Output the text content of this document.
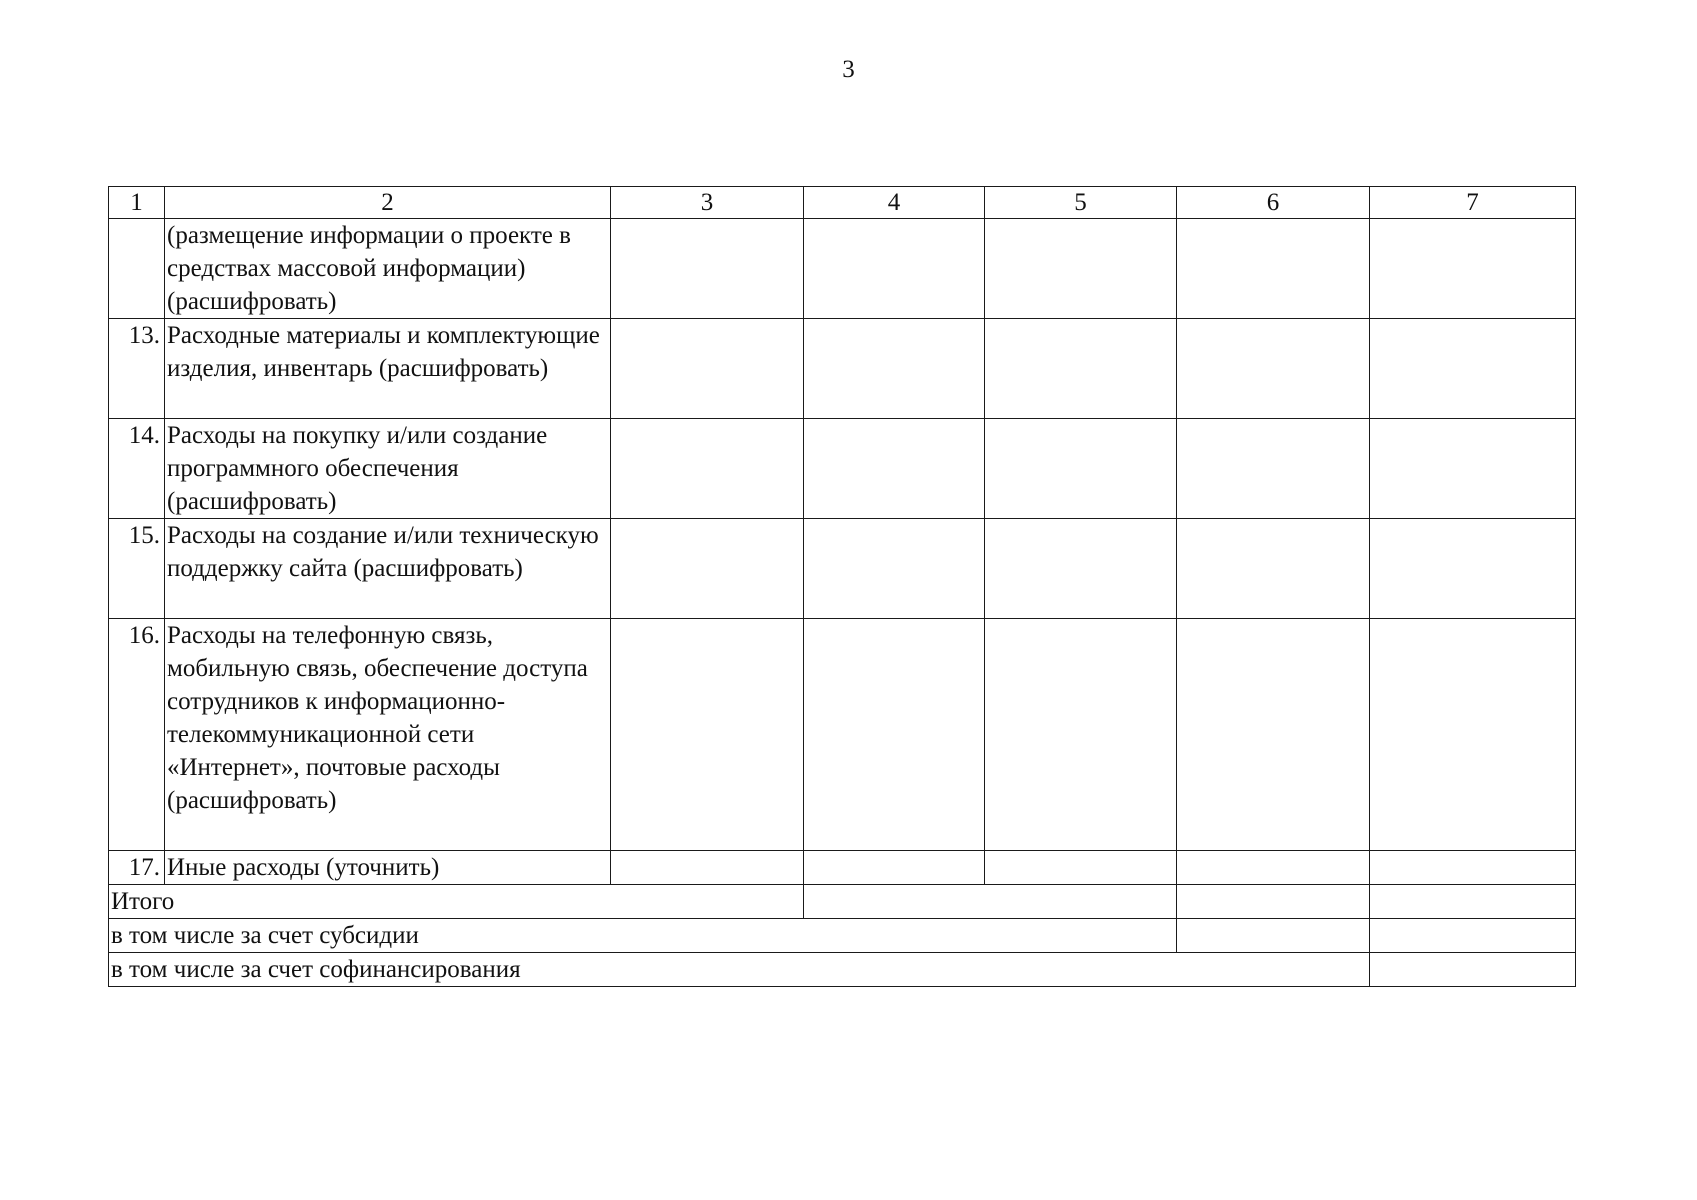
3
1	2	3	4	5	6	7
	(размещение информации о проекте в средствах массовой информации) (расшифровать)					
13.	Расходные материалы и комплектующие изделия, инвентарь (расшифровать)					
14.	Расходы на покупку и/или создание программного обеспечения (расшифровать)					
15.	Расходы на создание и/или техническую поддержку сайта (расшифровать)					
16.	Расходы на телефонную связь, мобильную связь, обеспечение доступа сотрудников к информационно-телекоммуникационной сети «Интернет», почтовые расходы (расшифровать)					
17.	Иные расходы (уточнить)					
Итого						
в том числе за счет субсидии						
в том числе за счет софинансирования						
